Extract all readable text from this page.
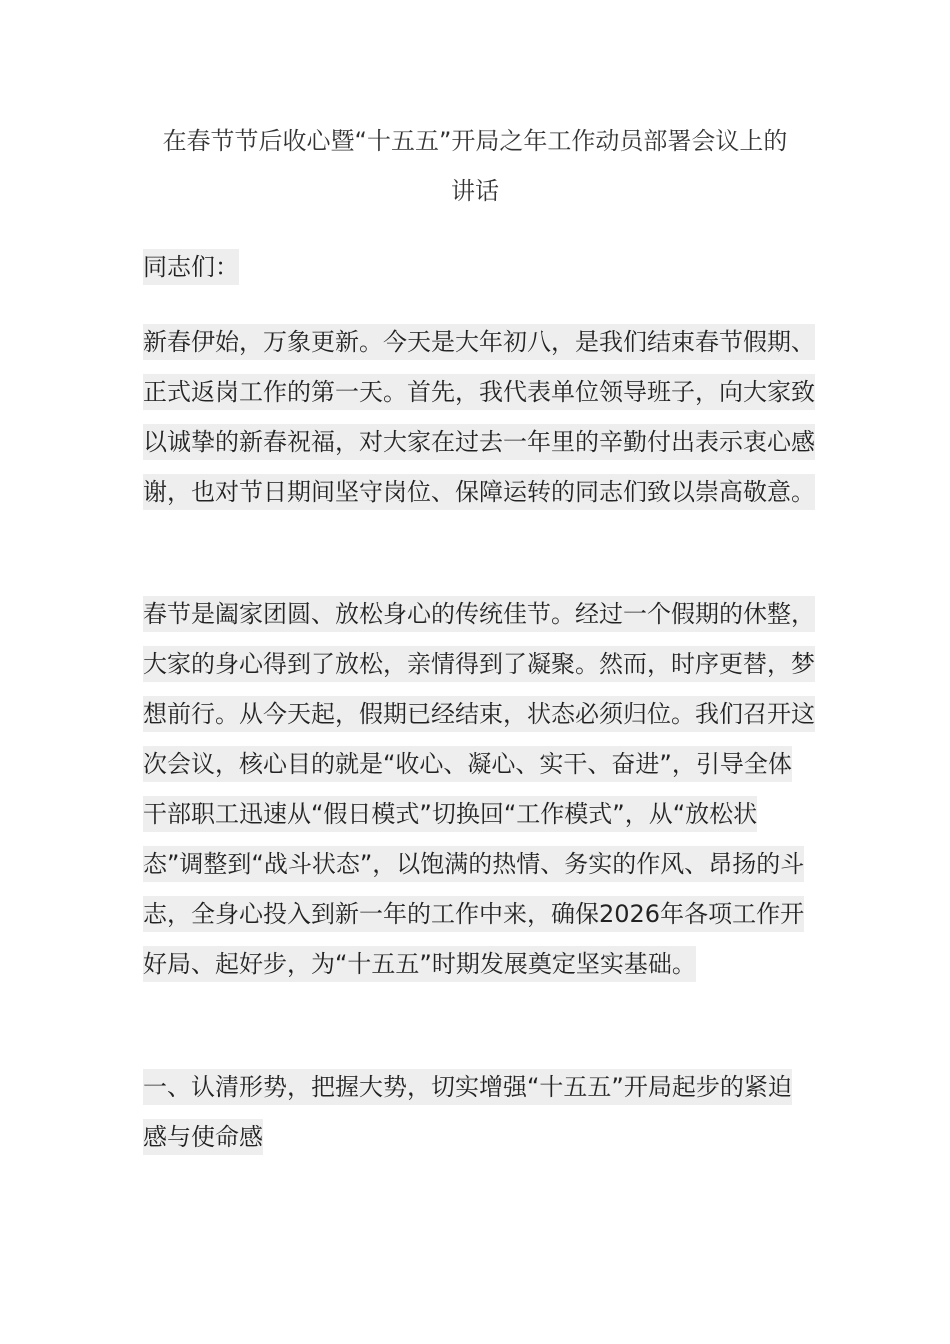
在春节节后收心暨“十五五”开局之年工作动员部署会议上的
讲话

同志们：

新春伊始，万象更新。今天是大年初八，是我们结束春节假期、正式返岗工作的第一天。首先，我代表单位领导班子，向大家致以诚挚的新春祝福，对大家在过去一年里的辛勤付出表示衷心感谢，也对节日期间坚守岗位、保障运转的同志们致以崇高敬意。

春节是阖家团圆、放松身心的传统佳节。经过一个假期的休整，大家的身心得到了放松，亲情得到了凝聚。然而，时序更替，梦想前行。从今天起，假期已经结束，状态必须归位。我们召开这次会议，核心目的就是“收心、凝心、实干、奋进”，引导全体干部职工迅速从“假日模式”切换回“工作模式”，从“放松状态”调整到“战斗状态”，以饱满的热情、务实的作风、昂扬的斗志，全身心投入到新一年的工作中来，确保2026年各项工作开好局、起好步，为“十五五”时期发展奠定坚实基础。

一、认清形势，把握大势，切实增强“十五五”开局起步的紧迫感与使命感
